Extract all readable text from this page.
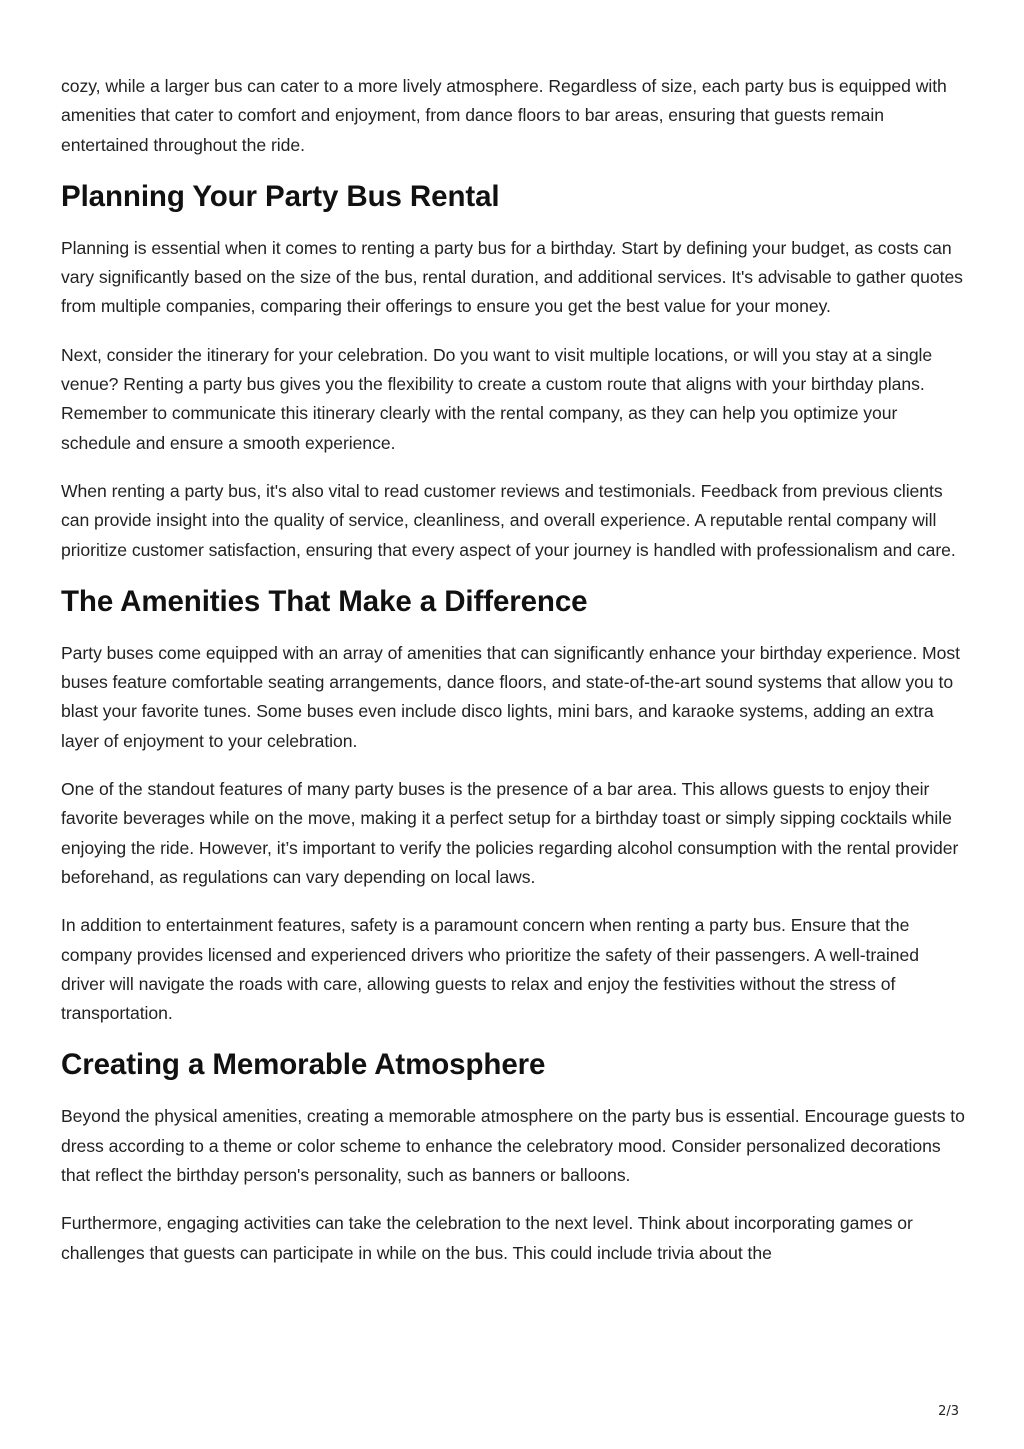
cozy, while a larger bus can cater to a more lively atmosphere. Regardless of size, each party bus is equipped with amenities that cater to comfort and enjoyment, from dance floors to bar areas, ensuring that guests remain entertained throughout the ride.

Planning Your Party Bus Rental

Planning is essential when it comes to renting a party bus for a birthday. Start by defining your budget, as costs can vary significantly based on the size of the bus, rental duration, and additional services. It's advisable to gather quotes from multiple companies, comparing their offerings to ensure you get the best value for your money.

Next, consider the itinerary for your celebration. Do you want to visit multiple locations, or will you stay at a single venue? Renting a party bus gives you the flexibility to create a custom route that aligns with your birthday plans. Remember to communicate this itinerary clearly with the rental company, as they can help you optimize your schedule and ensure a smooth experience.

When renting a party bus, it's also vital to read customer reviews and testimonials. Feedback from previous clients can provide insight into the quality of service, cleanliness, and overall experience. A reputable rental company will prioritize customer satisfaction, ensuring that every aspect of your journey is handled with professionalism and care.

The Amenities That Make a Difference

Party buses come equipped with an array of amenities that can significantly enhance your birthday experience. Most buses feature comfortable seating arrangements, dance floors, and state-of-the-art sound systems that allow you to blast your favorite tunes. Some buses even include disco lights, mini bars, and karaoke systems, adding an extra layer of enjoyment to your celebration.

One of the standout features of many party buses is the presence of a bar area. This allows guests to enjoy their favorite beverages while on the move, making it a perfect setup for a birthday toast or simply sipping cocktails while enjoying the ride. However, it’s important to verify the policies regarding alcohol consumption with the rental provider beforehand, as regulations can vary depending on local laws.

In addition to entertainment features, safety is a paramount concern when renting a party bus. Ensure that the company provides licensed and experienced drivers who prioritize the safety of their passengers. A well-trained driver will navigate the roads with care, allowing guests to relax and enjoy the festivities without the stress of transportation.

Creating a Memorable Atmosphere

Beyond the physical amenities, creating a memorable atmosphere on the party bus is essential. Encourage guests to dress according to a theme or color scheme to enhance the celebratory mood. Consider personalized decorations that reflect the birthday person's personality, such as banners or balloons.

Furthermore, engaging activities can take the celebration to the next level. Think about incorporating games or challenges that guests can participate in while on the bus. This could include trivia about the

2/3
